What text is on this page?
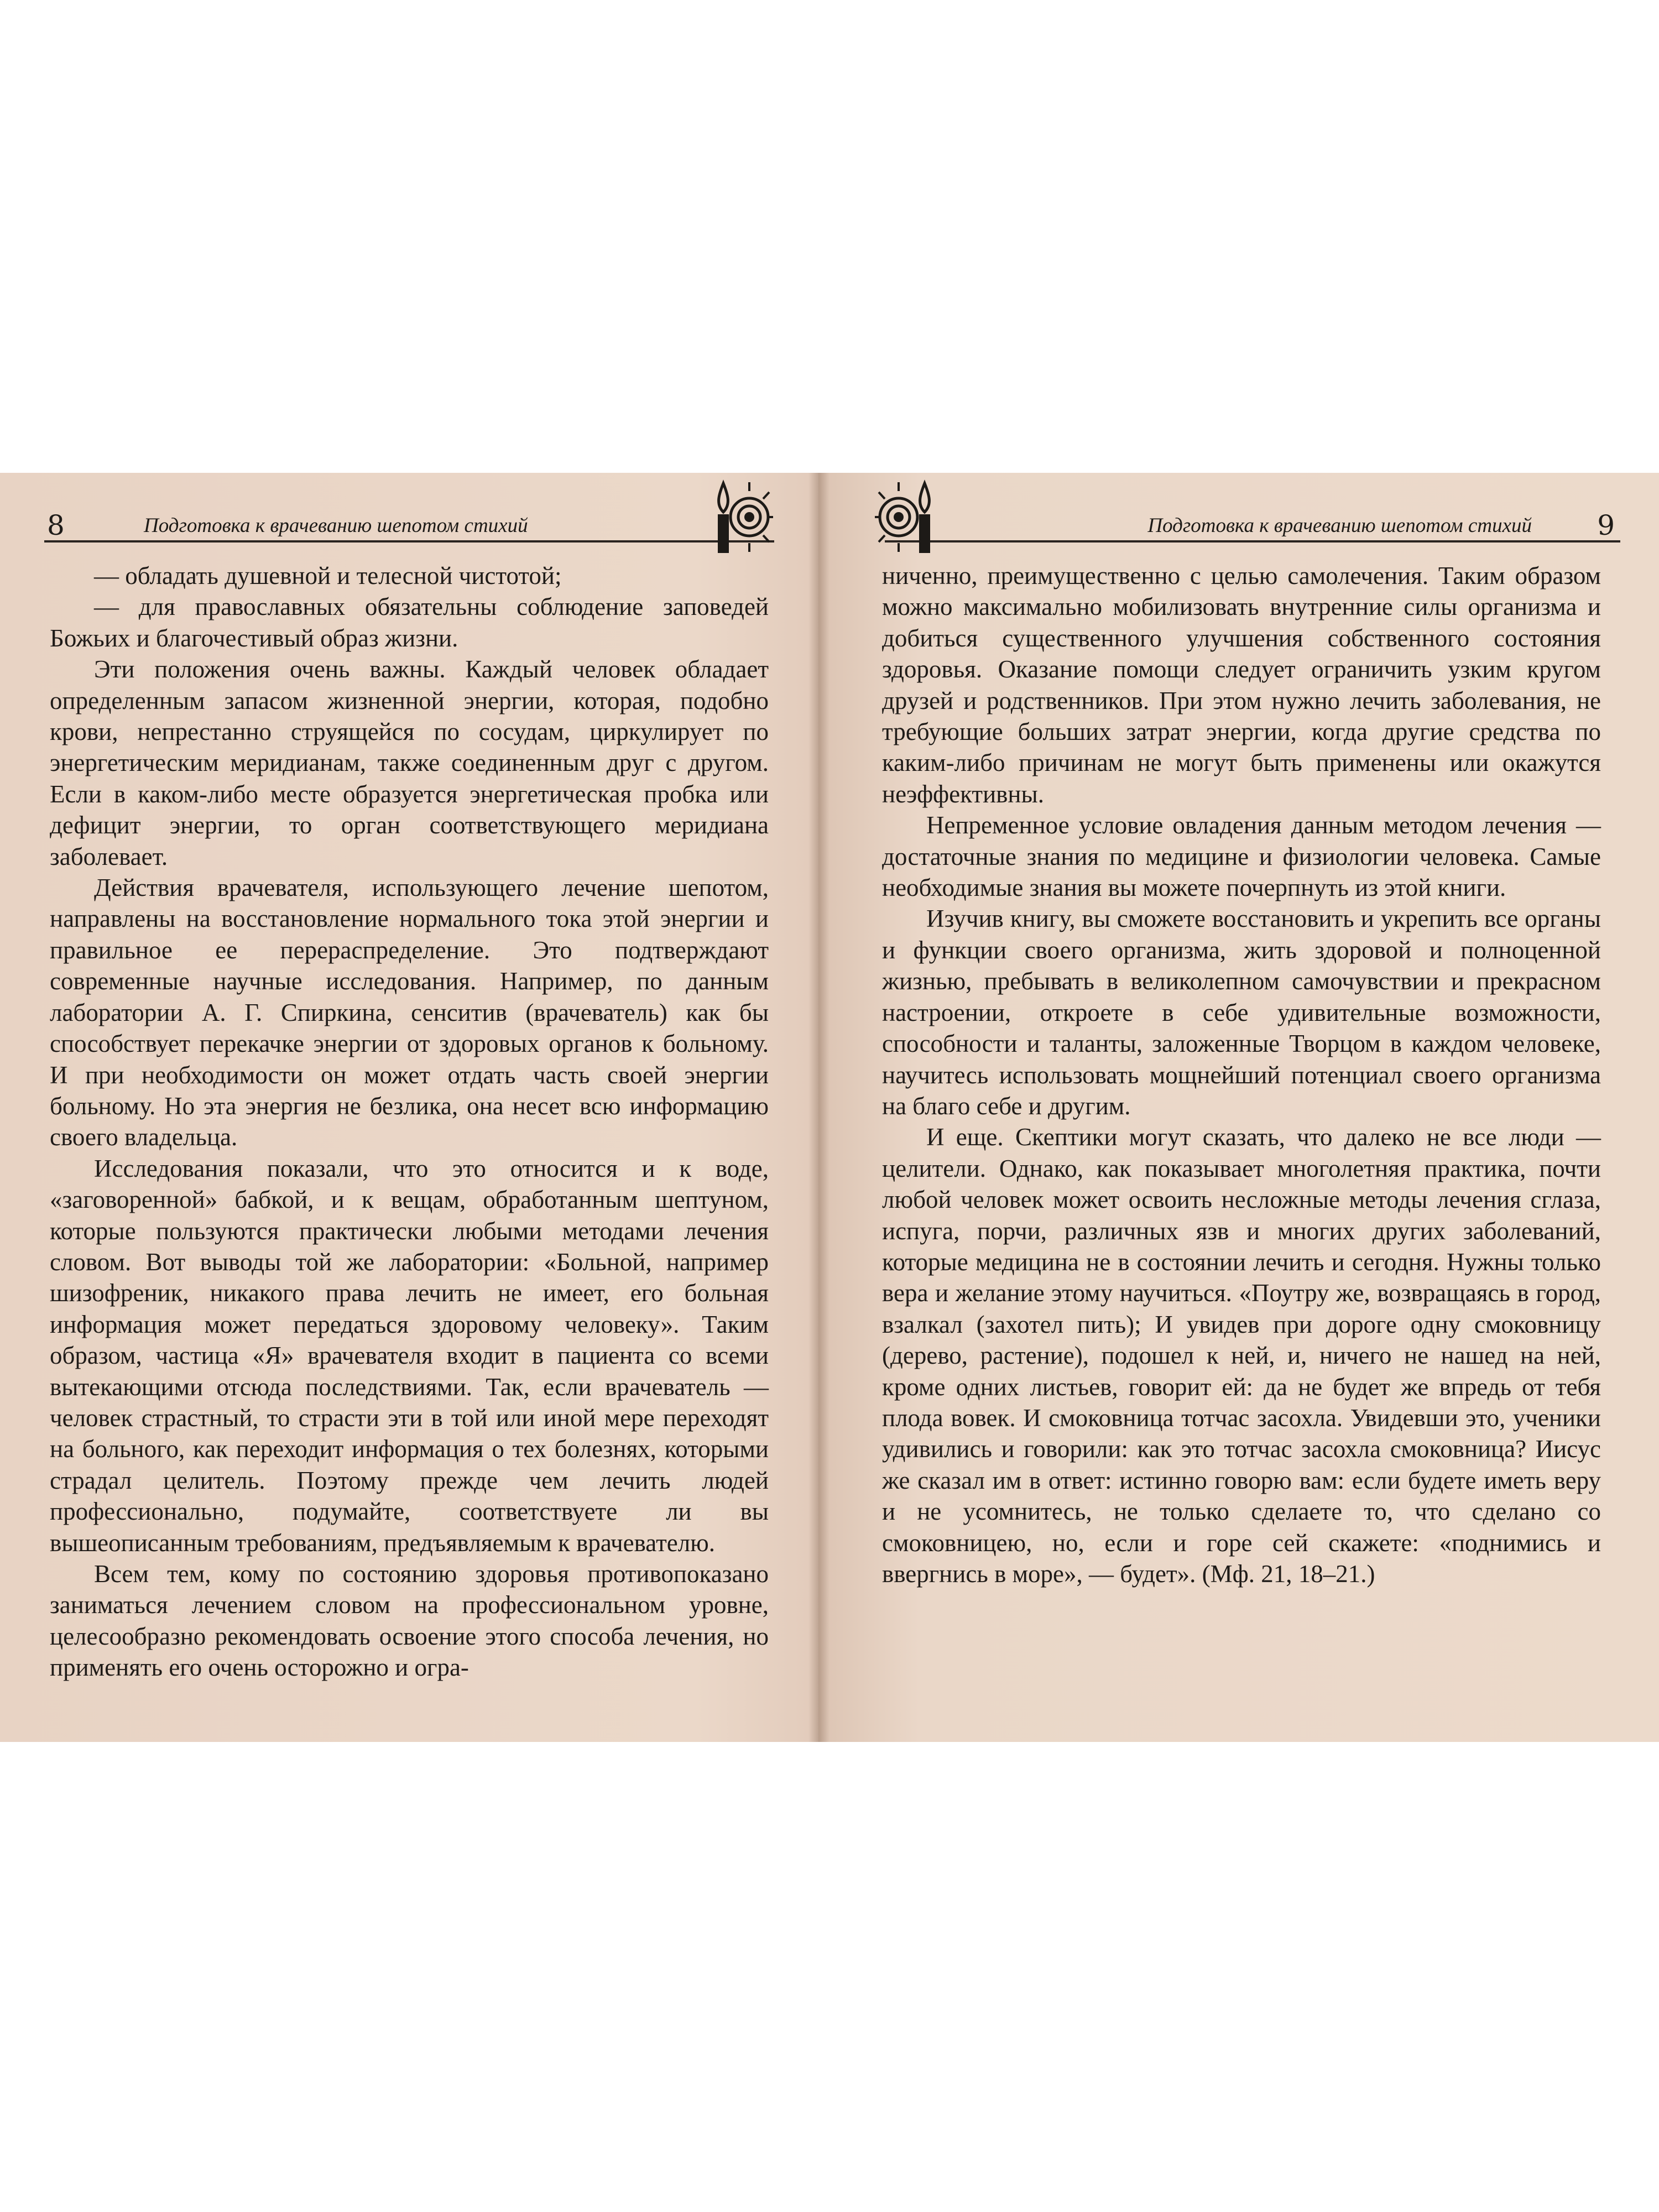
8	Подготовка к врачеванию шепотом стихий

— обладать душевной и телесной чистотой;

— для православных обязательны соблюдение заповедей Божьих и благочестивый образ жизни.

Эти положения очень важны. Каждый человек обладает определенным запасом жизненной энергии, которая, подобно крови, непрестанно струящейся по сосудам, циркулирует по энергетическим меридианам, также соединенным друг с другом. Если в каком-либо месте образуется энергетическая пробка или дефицит энергии, то орган соответствующего меридиана заболевает.

Действия врачевателя, использующего лечение шепотом, направлены на восстановление нормального тока этой энергии и правильное ее перераспределение. Это подтверждают современные научные исследования. Например, по данным лаборатории А. Г. Спиркина, сенситив (врачеватель) как бы способствует перекачке энергии от здоровых органов к больному. И при необходимости он может отдать часть своей энергии больному. Но эта энергия не безлика, она несет всю информацию своего владельца.

Исследования показали, что это относится и к воде, «заговоренной» бабкой, и к вещам, обработанным шептуном, которые пользуются практически любыми методами лечения словом. Вот выводы той же лаборатории: «Больной, например шизофреник, никакого права лечить не имеет, его больная информация может передаться здоровому человеку». Таким образом, частица «Я» врачевателя входит в пациента со всеми вытекающими отсюда последствиями. Так, если врачеватель — человек страстный, то страсти эти в той или иной мере переходят на больного, как переходит информация о тех болезнях, которыми страдал целитель. Поэтому прежде чем лечить людей профессионально, подумайте, соответствуете ли вы вышеописанным требованиям, предъявляемым к врачевателю.

Всем тем, кому по состоянию здоровья противопоказано заниматься лечением словом на профессиональном уровне, целесообразно рекомендовать освоение этого способа лечения, но применять его очень осторожно и огра-

Подготовка к врачеванию шепотом стихий 9

ниченно, преимущественно с целью самолечения. Таким образом можно максимально мобилизовать внутренние силы организма и добиться существенного улучшения собственного состояния здоровья. Оказание помощи следует ограничить узким кругом друзей и родственников. При этом нужно лечить заболевания, не требующие больших затрат энергии, когда другие средства по каким-либо причинам не могут быть применены или окажутся неэффективны.

Непременное условие овладения данным методом лечения — достаточные знания по медицине и физиологии человека. Самые необходимые знания вы можете почерпнуть из этой книги.

Изучив книгу, вы сможете восстановить и укрепить все органы и функции своего организма, жить здоровой и полноценной жизнью, пребывать в великолепном самочувствии и прекрасном настроении, откроете в себе удивительные возможности, способности и таланты, заложенные Творцом в каждом человеке, научитесь использовать мощнейший потенциал своего организма на благо себе и другим.

И еще. Скептики могут сказать, что далеко не все люди — целители. Однако, как показывает многолетняя практика, почти любой человек может освоить несложные методы лечения сглаза, испуга, порчи, различных язв и многих других заболеваний, которые медицина не в состоянии лечить и сегодня. Нужны только вера и желание этому научиться. «Поутру же, возвращаясь в город, взалкал (захотел пить); И увидев при дороге одну смоковницу (дерево, растение), подошел к ней, и, ничего не нашед на ней, кроме одних листьев, говорит ей: да не будет же впредь от тебя плода вовек. И смоковница тотчас засохла. Увидевши это, ученики удивились и говорили: как это тотчас засохла смоковница? Иисус же сказал им в ответ: истинно говорю вам: если будете иметь веру и не усомнитесь, не только сделаете то, что сделано со смоковницею, но, если и горе сей скажете: «поднимись и ввергнись в море», — будет». (Мф. 21, 18–21.)
